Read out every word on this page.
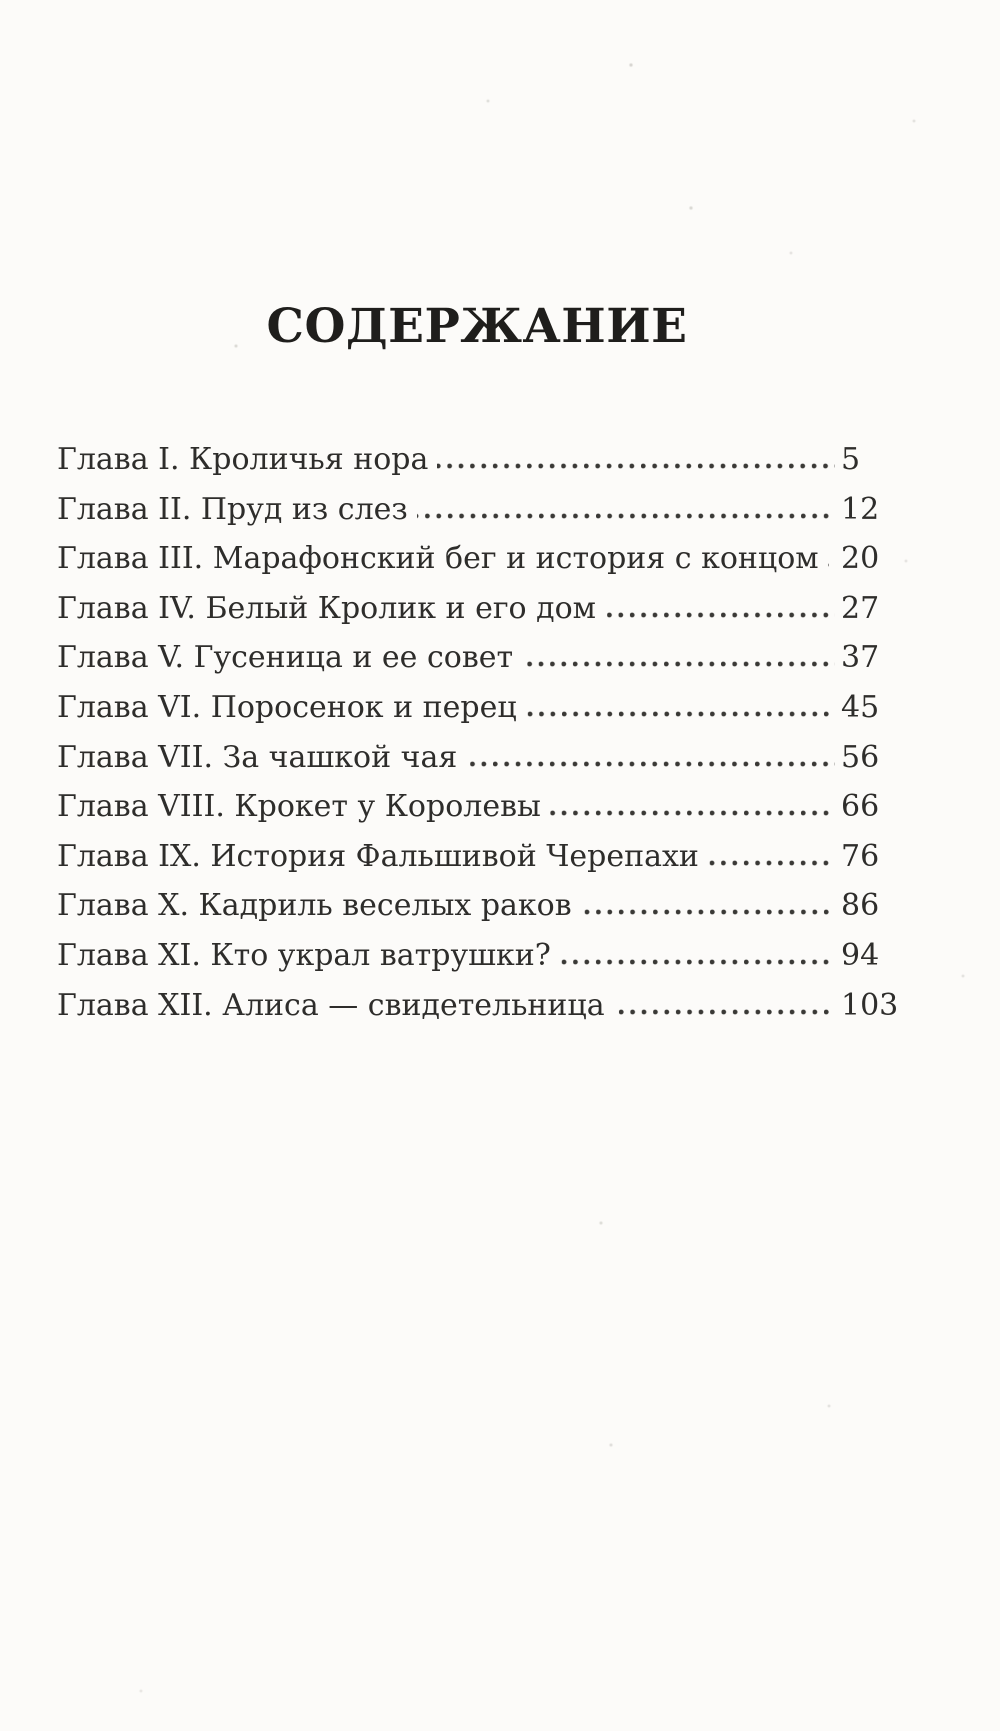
СОДЕРЖАНИЕ
Глава I. Кроличья нора	5
Глава II. Пруд из слез	12
Глава III. Марафонский бег и история с концом 20
Глава IV. Белый Кролик и его дом	27
Глава V. Гусеница и ее совет	37
Глава VI. Поросенок и перец	45
Глава VII. За чашкой чая	56
Глава VIII. Крокет у Королевы	66
Глава IX. История Фальшивой Черепахи	76
Глава X. Кадриль веселых раков	86
Глава XI. Кто украл ватрушки?	94
Глава XII. Алиса — свидетельница	103
